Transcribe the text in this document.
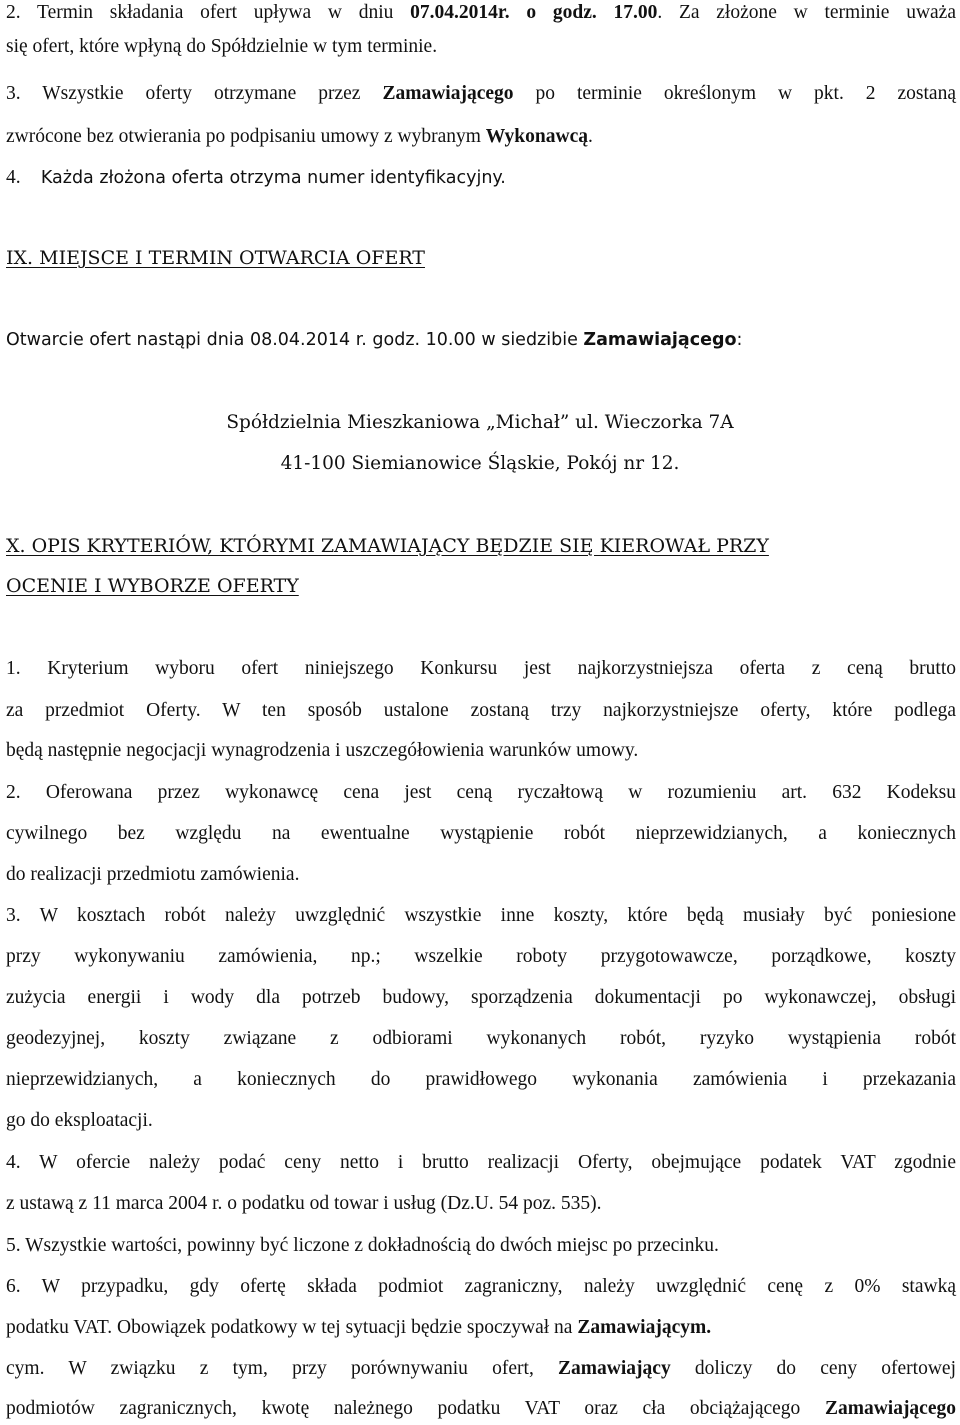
2. Termin składania ofert upływa w dniu 07.04.2014r. o godz. 17.00. Za złożone w terminie uważa
się ofert, które wpłyną do Spółdzielnie w tym terminie.
3. Wszystkie oferty otrzymane przez Zamawiającego po terminie określonym w pkt. 2 zostaną
zwrócone bez otwierania po podpisaniu umowy z wybranym Wykonawcą.
4. Każda złożona oferta otrzyma numer identyfikacyjny.
IX. MIEJSCE I TERMIN OTWARCIA OFERT
Otwarcie ofert nastąpi dnia 08.04.2014 r. godz. 10.00 w siedzibie Zamawiającego:
Spółdzielnia Mieszkaniowa „Michał” ul. Wieczorka 7A
41-100 Siemianowice Śląskie, Pokój nr 12.
X. OPIS KRYTERIÓW, KTÓRYMI ZAMAWIAJĄCY BĘDZIE SIĘ KIEROWAŁ PRZY
OCENIE I WYBORZE OFERTY
1. Kryterium wyboru ofert niniejszego Konkursu jest najkorzystniejsza oferta z ceną brutto
za przedmiot Oferty. W ten sposób ustalone zostaną trzy najkorzystniejsze oferty, które podlega
będą następnie negocjacji wynagrodzenia i uszczegółowienia warunków umowy.
2. Oferowana przez wykonawcę cena jest ceną ryczałtową w rozumieniu art. 632 Kodeksu
cywilnego bez względu na ewentualne wystąpienie robót nieprzewidzianych, a koniecznych
do realizacji przedmiotu zamówienia.
3. W kosztach robót należy uwzględnić wszystkie inne koszty, które będą musiały być poniesione
przy wykonywaniu zamówienia, np.; wszelkie roboty przygotowawcze, porządkowe, koszty
zużycia energii i wody dla potrzeb budowy, sporządzenia dokumentacji po wykonawczej, obsługi
geodezyjnej, koszty związane z odbiorami wykonanych robót, ryzyko wystąpienia robót
nieprzewidzianych, a koniecznych do prawidłowego wykonania zamówienia i przekazania
go do eksploatacji.
4. W ofercie należy podać ceny netto i brutto realizacji Oferty, obejmujące podatek VAT zgodnie
z ustawą z 11 marca 2004 r. o podatku od towar i usług (Dz.U. 54 poz. 535).
5. Wszystkie wartości, powinny być liczone z dokładnością do dwóch miejsc po przecinku.
6. W przypadku, gdy ofertę składa podmiot zagraniczny, należy uwzględnić cenę z 0% stawką
podatku VAT. Obowiązek podatkowy w tej sytuacji będzie spoczywał na Zamawiającym.
cym. W związku z tym, przy porównywaniu ofert, Zamawiający doliczy do ceny ofertowej
podmiotów zagranicznych, kwotę należnego podatku VAT oraz cła obciążającego Zamawiającego
